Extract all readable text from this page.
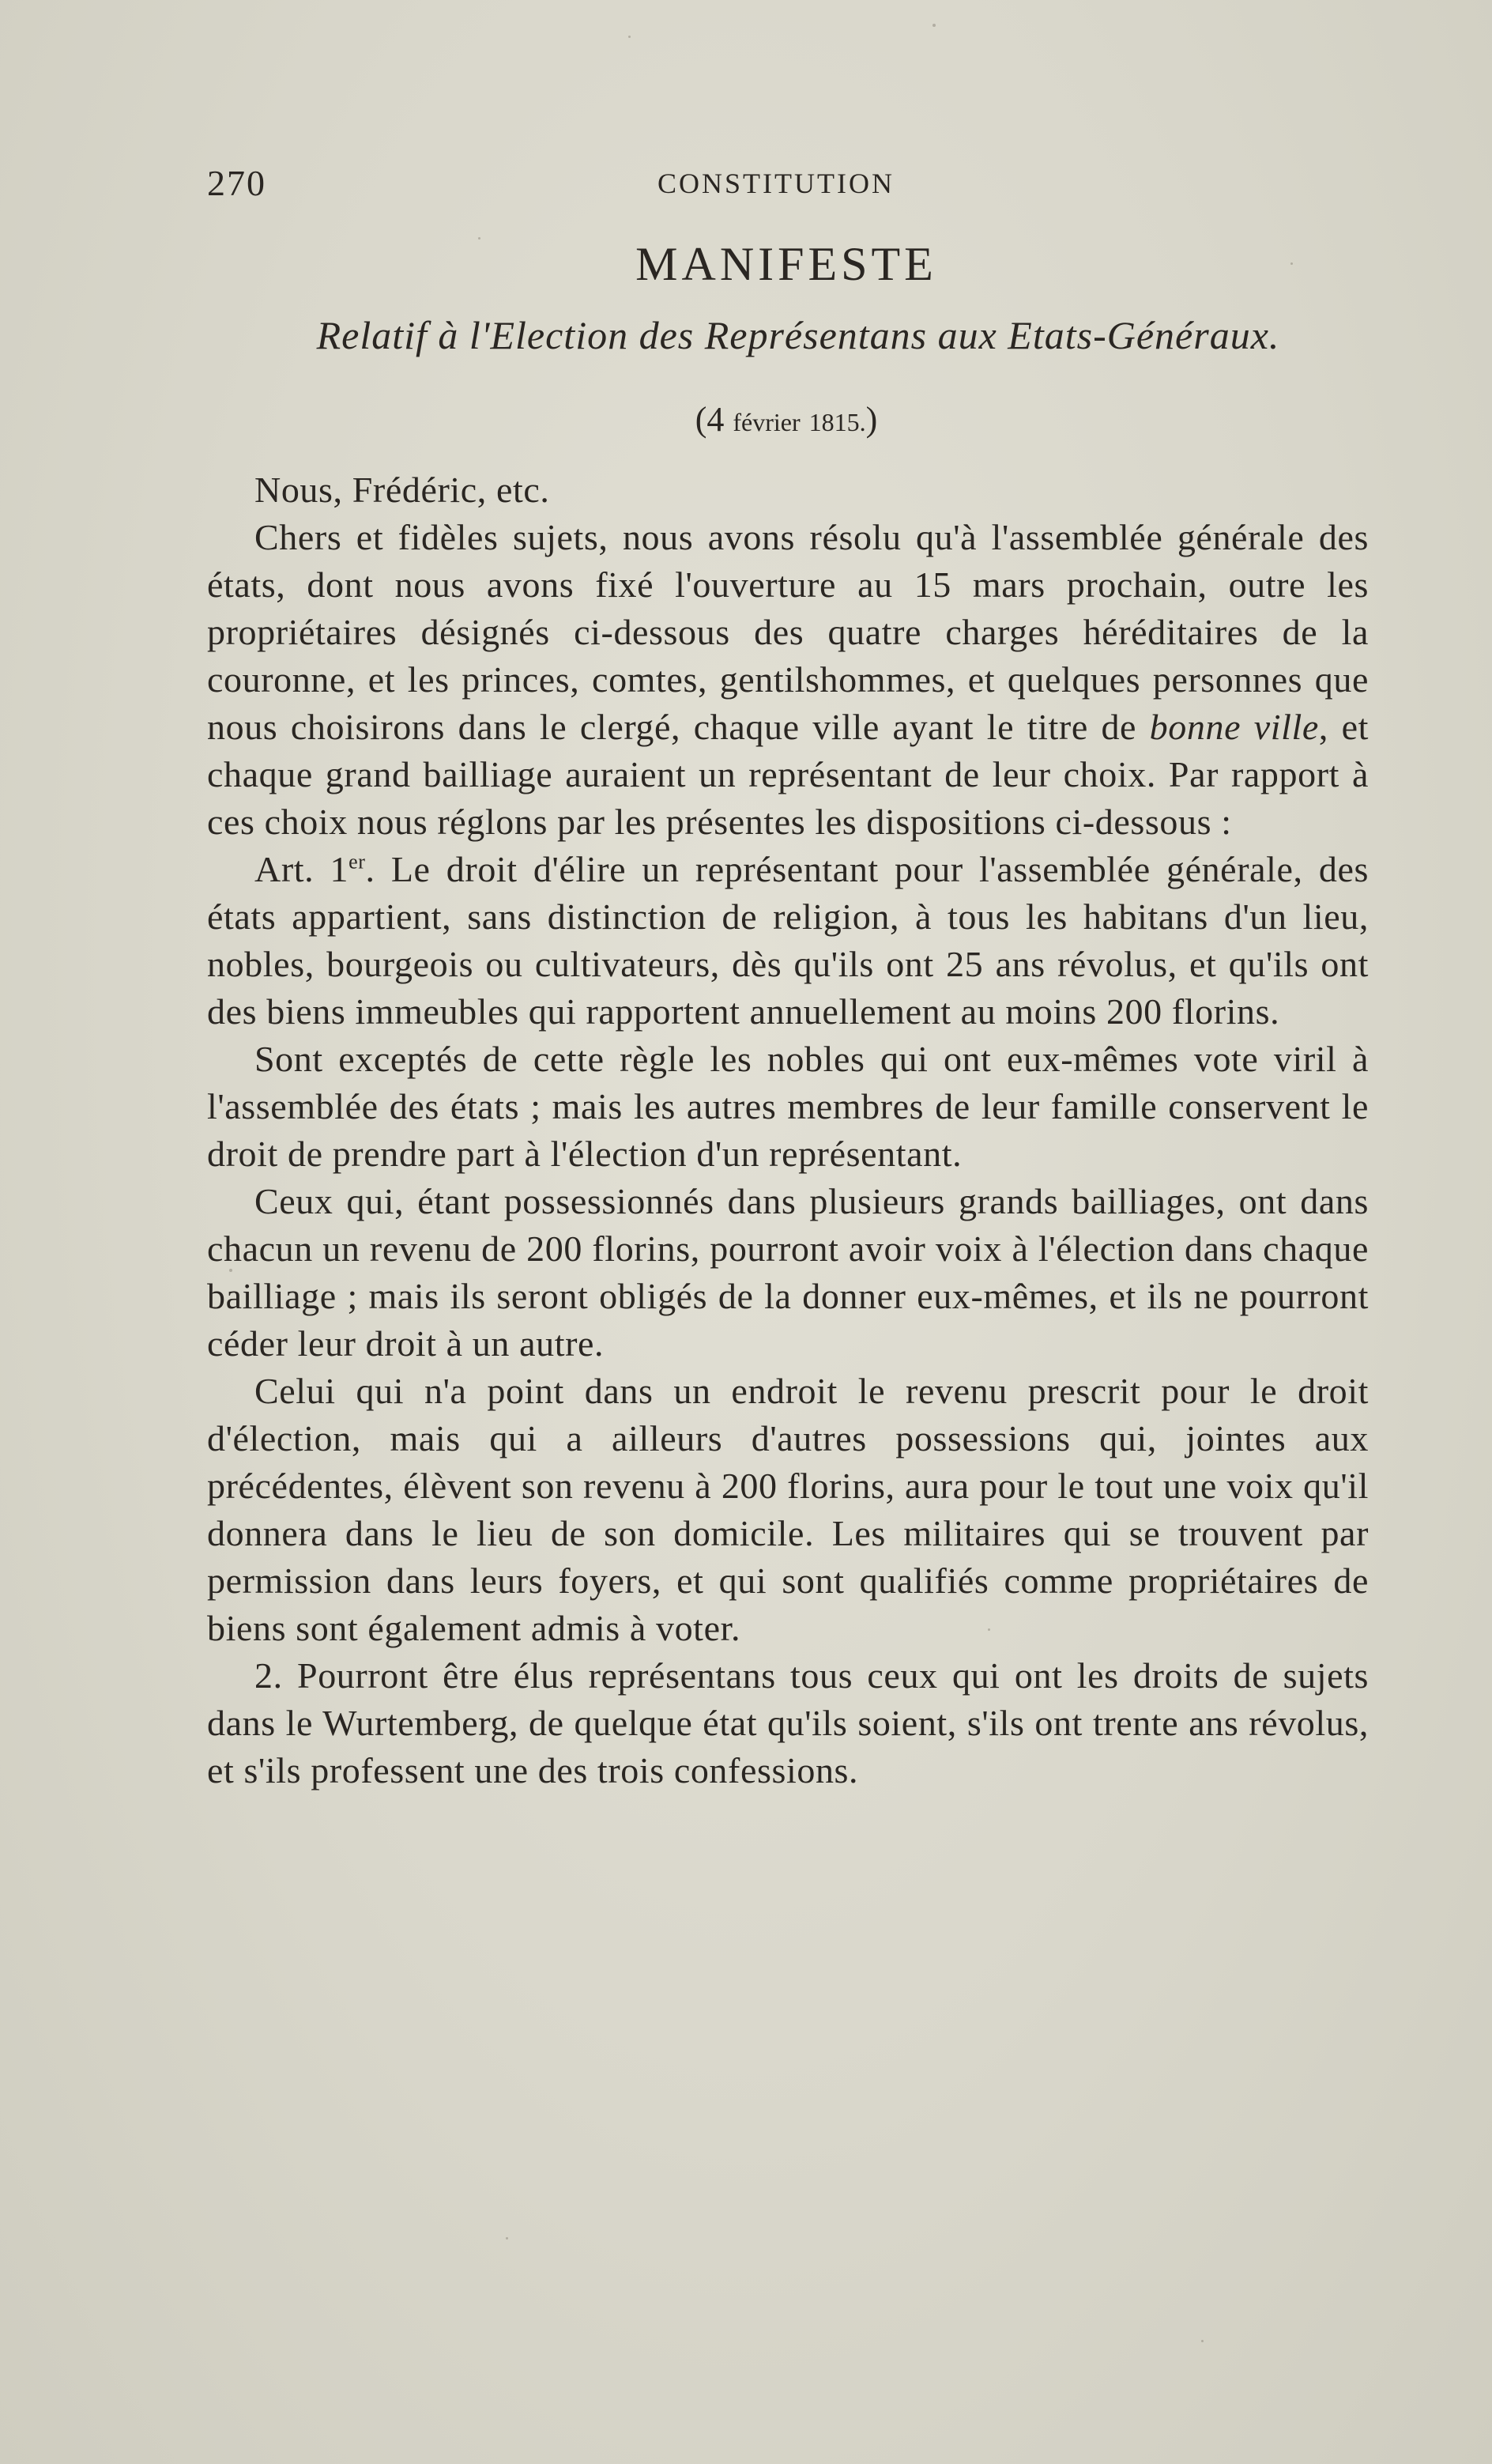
270	CONSTITUTION
MANIFESTE
Relatif à l'Election des Représentans aux Etats-Généraux.
(4 février 1815.)

Nous, Frédéric, etc.

Chers et fidèles sujets, nous avons résolu qu'à l'assemblée générale des états, dont nous avons fixé l'ouverture au 15 mars prochain, outre les propriétaires désignés ci-dessous des quatre charges héréditaires de la couronne, et les princes, comtes, gentilshommes, et quelques personnes que nous choisirons dans le clergé, chaque ville ayant le titre de bonne ville, et chaque grand bailliage auraient un représentant de leur choix. Par rapport à ces choix nous réglons par les présentes les dispositions ci-dessous :

Art. 1er. Le droit d'élire un représentant pour l'assemblée générale, des états appartient, sans distinction de religion, à tous les habitans d'un lieu, nobles, bourgeois ou cultivateurs, dès qu'ils ont 25 ans révolus, et qu'ils ont des biens immeubles qui rapportent annuellement au moins 200 florins.

Sont exceptés de cette règle les nobles qui ont eux-mêmes vote viril à l'assemblée des états ; mais les autres membres de leur famille conservent le droit de prendre part à l'élection d'un représentant.

Ceux qui, étant possessionnés dans plusieurs grands bailliages, ont dans chacun un revenu de 200 florins, pourront avoir voix à l'élection dans chaque bailliage ; mais ils seront obligés de la donner eux-mêmes, et ils ne pourront céder leur droit à un autre.

Celui qui n'a point dans un endroit le revenu prescrit pour le droit d'élection, mais qui a ailleurs d'autres possessions qui, jointes aux précédentes, élèvent son revenu à 200 florins, aura pour le tout une voix qu'il donnera dans le lieu de son domicile. Les militaires qui se trouvent par permission dans leurs foyers, et qui sont qualifiés comme propriétaires de biens sont également admis à voter.

2. Pourront être élus représentans tous ceux qui ont les droits de sujets dans le Wurtemberg, de quelque état qu'ils soient, s'ils ont trente ans révolus, et s'ils professent une des trois confessions.
